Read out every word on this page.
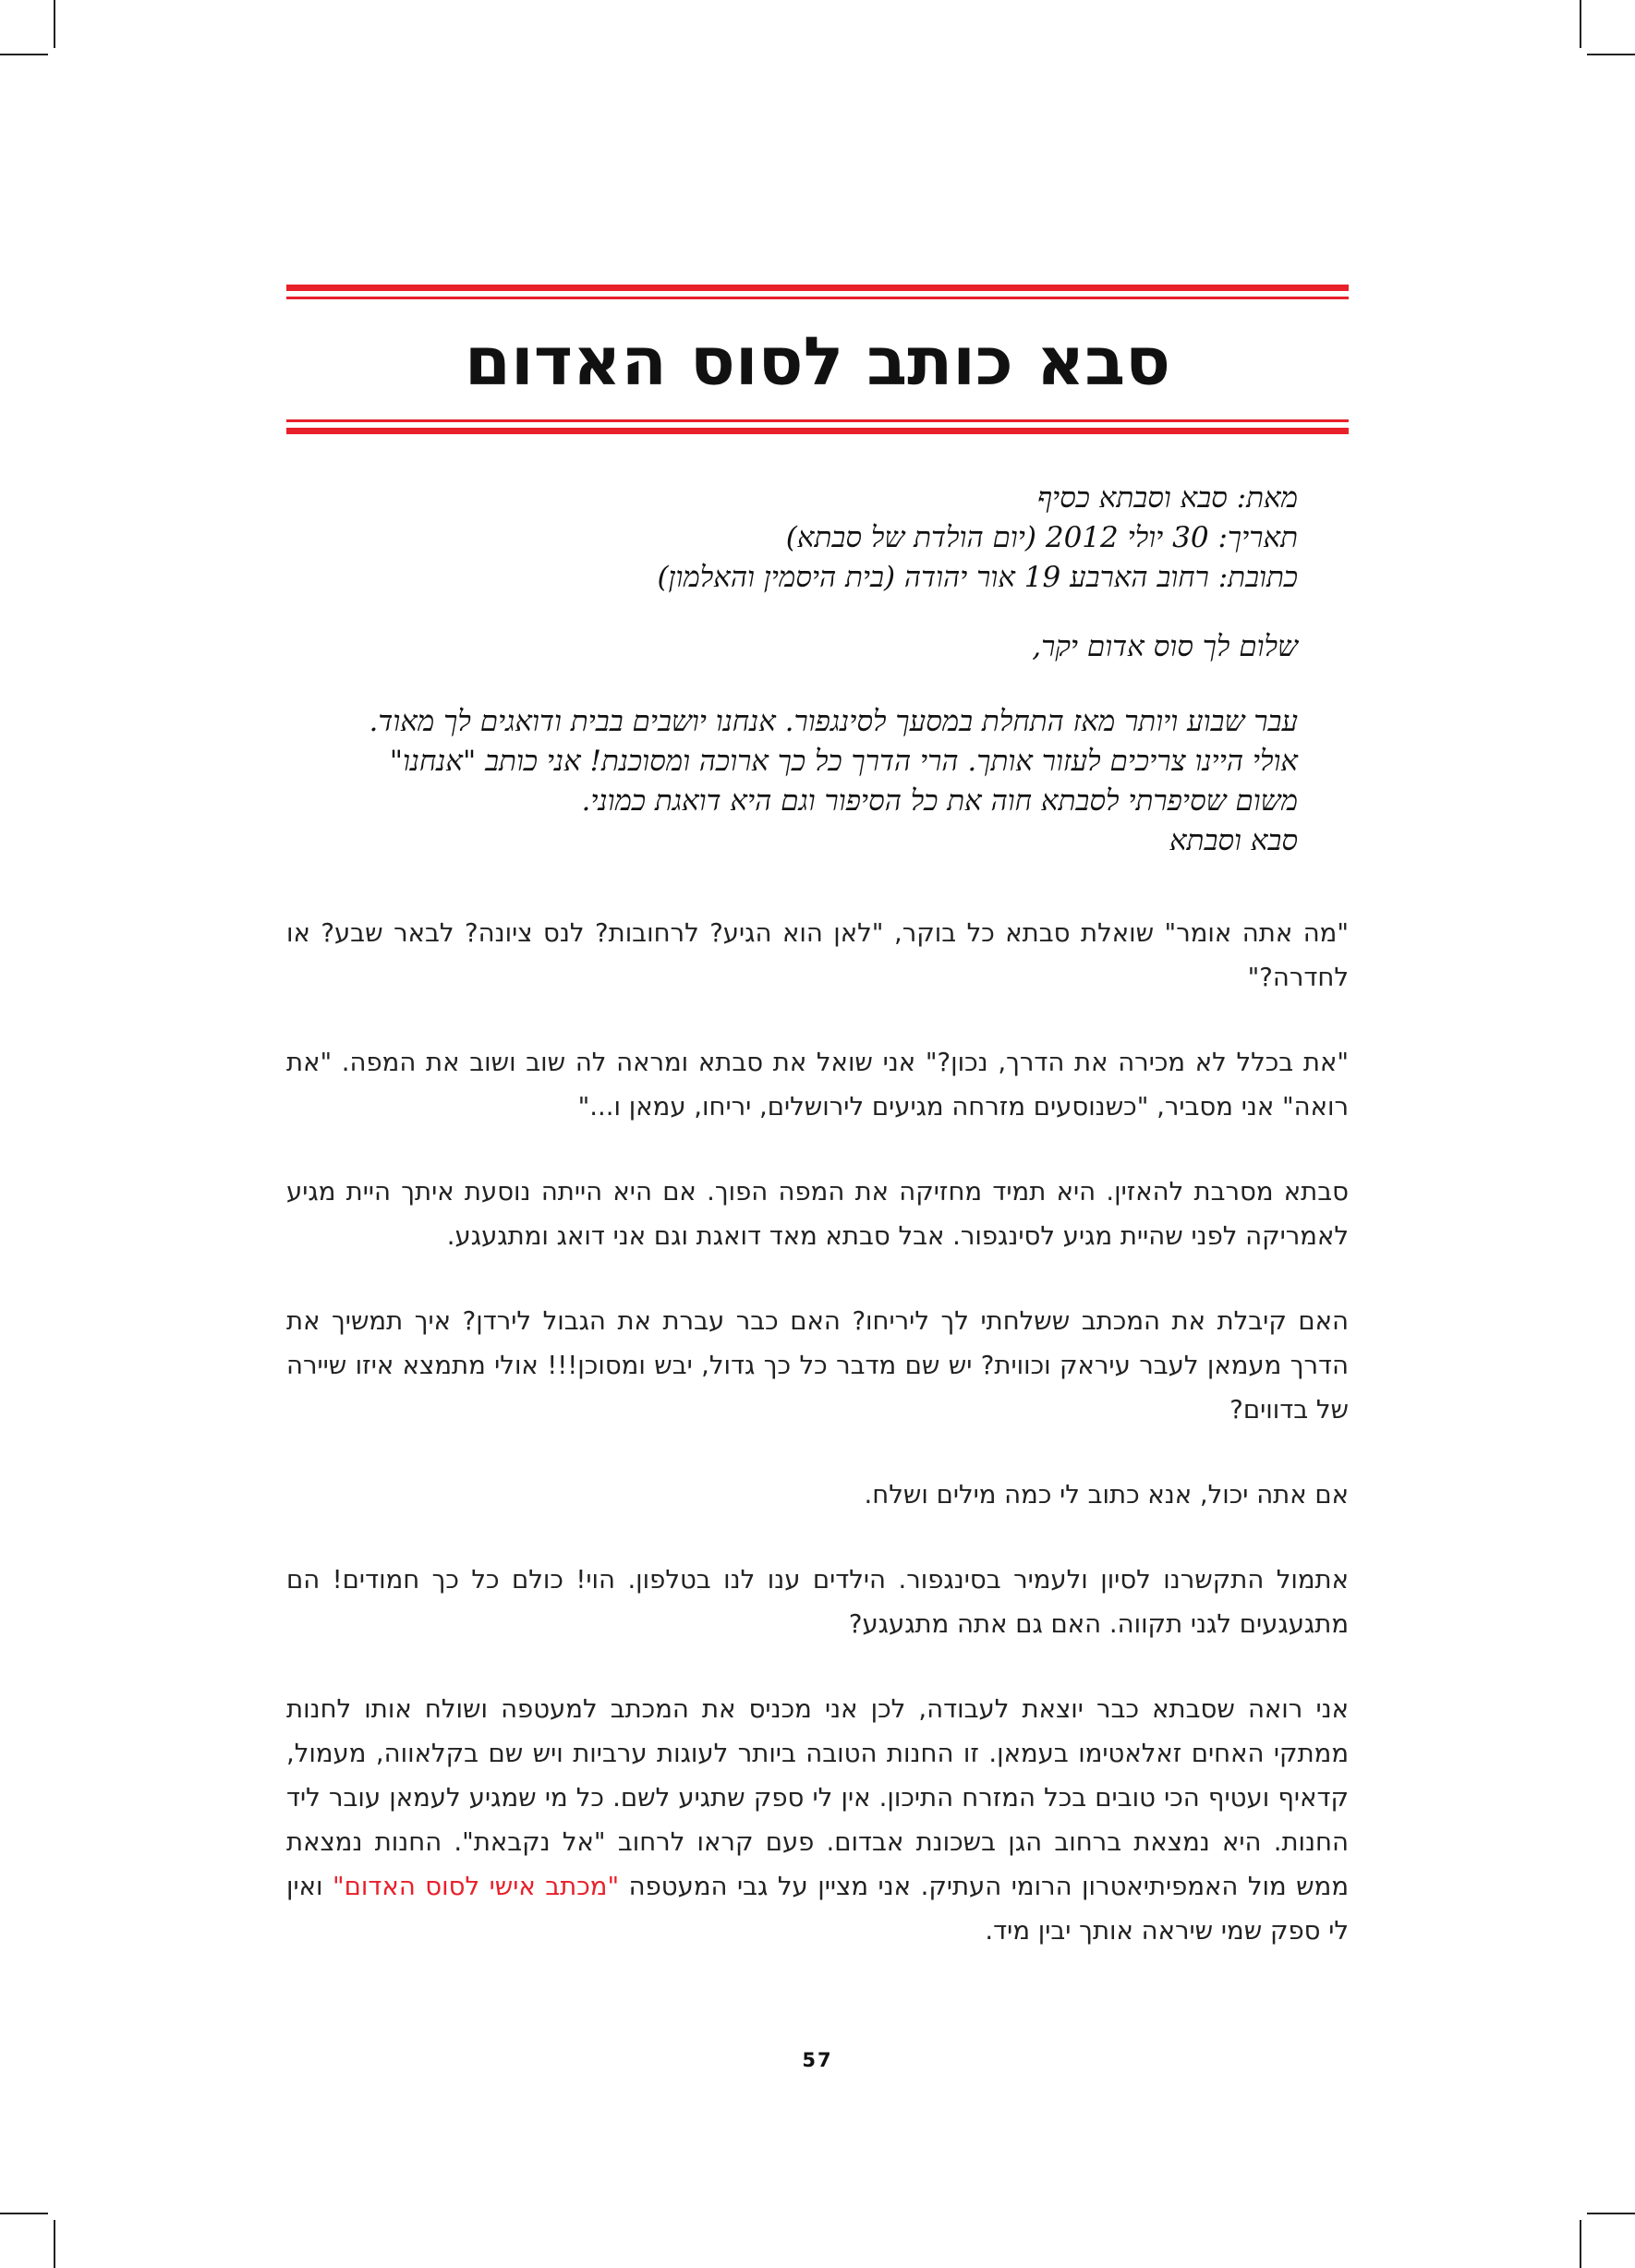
סבא כותב לסוס האדום

מאת: סבא וסבתא כסיף

תאריך: 30 יולי 2012 (יום הולדת של סבתא)

כתובת: רחוב הארבע 19 אור יהודה (בית היסמין והאלמון)

שלום לך סוס אדום יקר,

עבר שבוע ויותר מאז התחלת במסעך לסינגפור. אנחנו יושבים בבית ודואגים לך מאוד.

אולי היינו צריכים לעזור אותך. הרי הדרך כל כך ארוכה ומסוכנת! אני כותב "אנחנו"

משום שסיפרתי לסבתא חוה את כל הסיפור וגם היא דואגת כמוני.

סבא וסבתא

"מה אתה אומר" שואלת סבתא כל בוקר, "לאן הוא הגיע? לרחובות? לנס ציונה? לבאר שבע? או לחדרה?"

"את בכלל לא מכירה את הדרך, נכון?" אני שואל את סבתא ומראה לה שוב ושוב את המפה. "את רואה" אני מסביר, "כשנוסעים מזרחה מגיעים לירושלים, יריחו, עמאן ו..."

סבתא מסרבת להאזין. היא תמיד מחזיקה את המפה הפוך. אם היא הייתה נוסעת איתך היית מגיע לאמריקה לפני שהיית מגיע לסינגפור. אבל סבתא מאד דואגת וגם אני דואג ומתגעגע.

האם קיבלת את המכתב ששלחתי לך ליריחו? האם כבר עברת את הגבול לירדן? איך תמשיך את הדרך מעמאן לעבר עיראק וכווית? יש שם מדבר כל כך גדול, יבש ומסוכן!!! אולי מתמצא איזו שיירה של בדווים?

אם אתה יכול, אנא כתוב לי כמה מילים ושלח.

אתמול התקשרנו לסיון ולעמיר בסינגפור. הילדים ענו לנו בטלפון. הוי! כולם כל כך חמודים! הם מתגעגעים לגני תקווה. האם גם אתה מתגעגע?

אני רואה שסבתא כבר יוצאת לעבודה, לכן אני מכניס את המכתב למעטפה ושולח אותו לחנות ממתקי האחים זאלאטימו בעמאן. זו החנות הטובה ביותר לעוגות ערביות ויש שם בקלאווה, מעמול, קדאיף ועטיף הכי טובים בכל המזרח התיכון. אין לי ספק שתגיע לשם. כל מי שמגיע לעמאן עובר ליד החנות. היא נמצאת ברחוב הגן בשכונת אבדום. פעם קראו לרחוב "אל נקבאת". החנות נמצאת ממש מול האמפיתיאטרון הרומי העתיק. אני מציין על גבי המעטפה "מכתב אישי לסוס האדום" ואין לי ספק שמי שיראה אותך יבין מיד.

57
